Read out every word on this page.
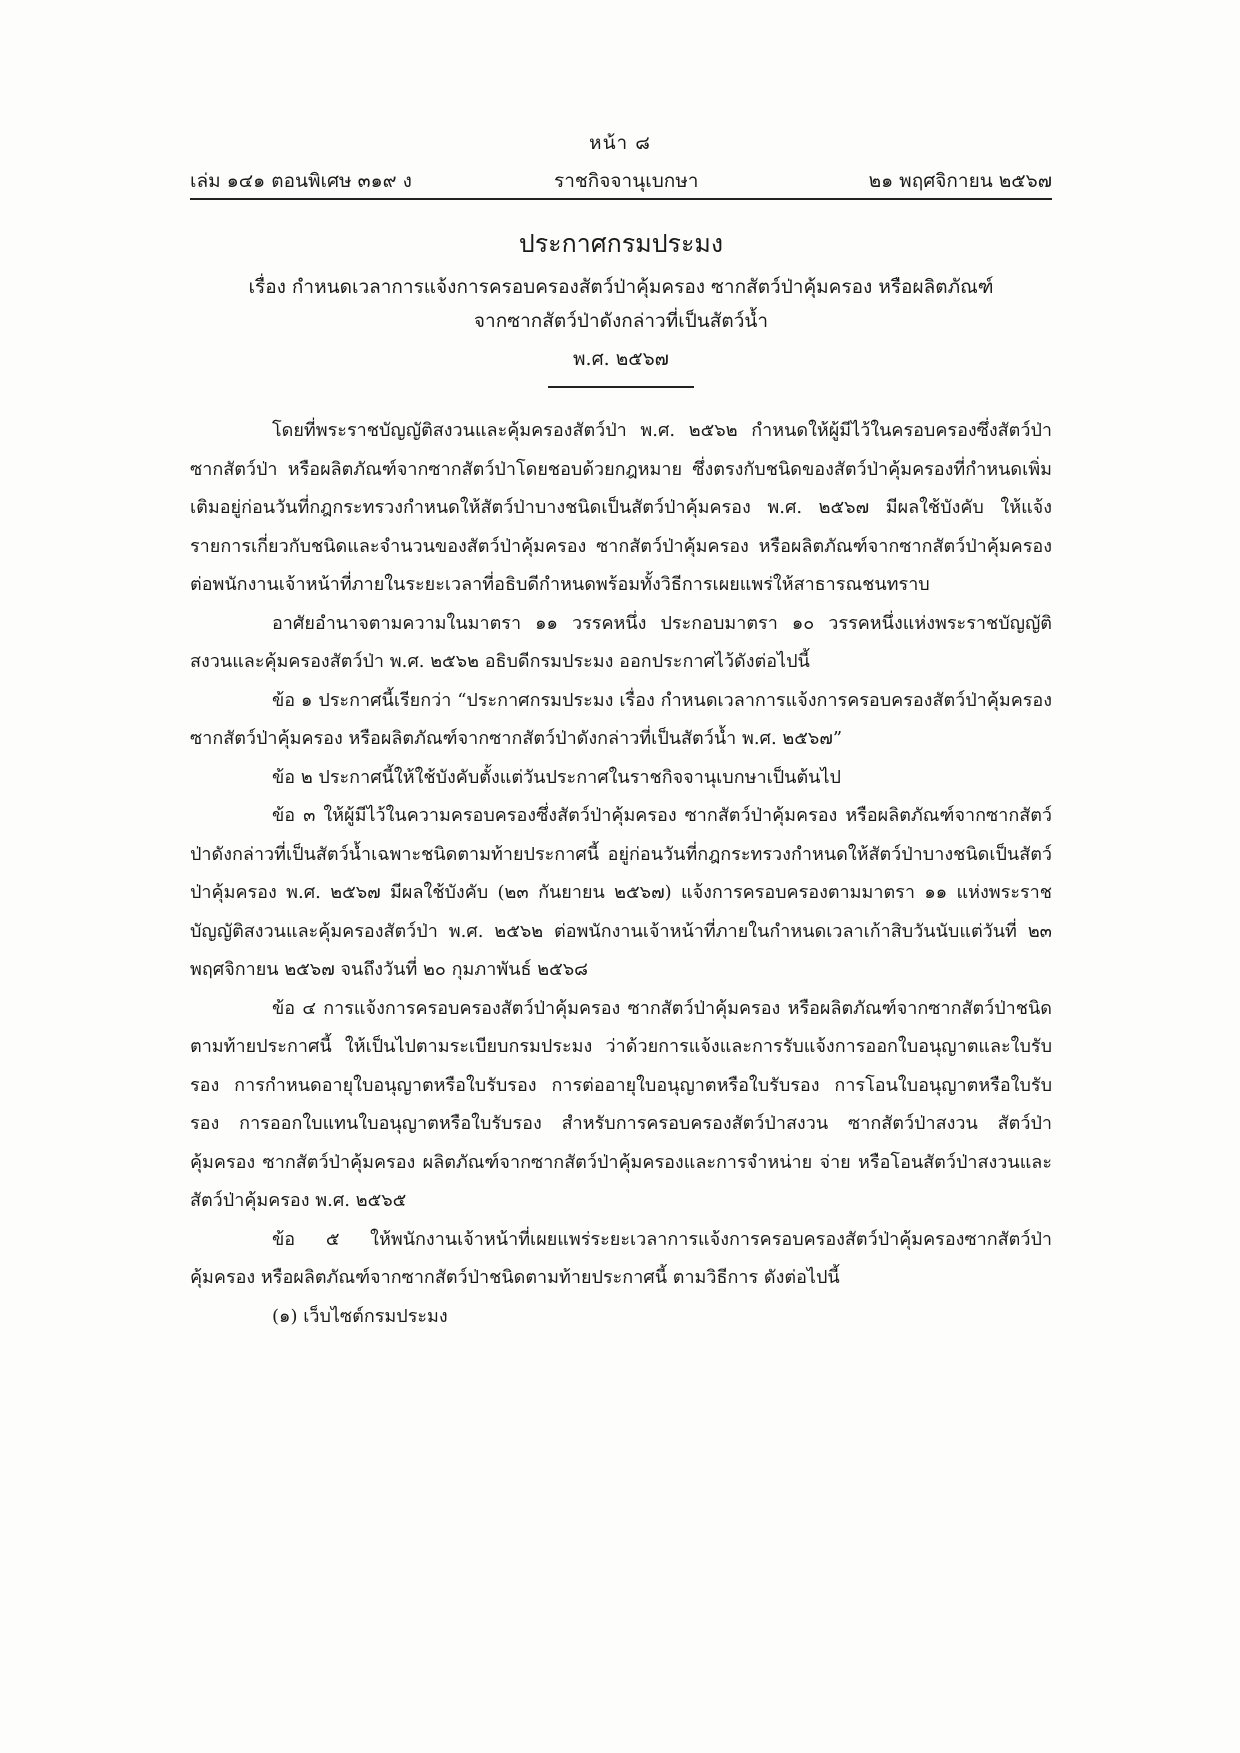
หน้า ๘
เล่ม ๑๔๑ ตอนพิเศษ ๓๑๙ ง	ราชกิจจานุเบกษา	๒๑ พฤศจิกายน ๒๕๖๗
ประกาศกรมประมง
เรื่อง กำหนดเวลาการแจ้งการครอบครองสัตว์ป่าคุ้มครอง ซากสัตว์ป่าคุ้มครอง หรือผลิตภัณฑ์
จากซากสัตว์ป่าดังกล่าวที่เป็นสัตว์น้ำ
พ.ศ. ๒๕๖๗

โดยที่พระราชบัญญัติสงวนและคุ้มครองสัตว์ป่า พ.ศ. ๒๕๖๒ กำหนดให้ผู้มีไว้ในครอบครองซึ่งสัตว์ป่า ซากสัตว์ป่า หรือผลิตภัณฑ์จากซากสัตว์ป่าโดยชอบด้วยกฎหมาย ซึ่งตรงกับชนิดของสัตว์ป่าคุ้มครองที่กำหนดเพิ่มเติมอยู่ก่อนวันที่กฎกระทรวงกำหนดให้สัตว์ป่าบางชนิดเป็นสัตว์ป่าคุ้มครอง พ.ศ. ๒๕๖๗ มีผลใช้บังคับ ให้แจ้งรายการเกี่ยวกับชนิดและจำนวนของสัตว์ป่าคุ้มครอง ซากสัตว์ป่าคุ้มครอง หรือผลิตภัณฑ์จากซากสัตว์ป่าคุ้มครองต่อพนักงานเจ้าหน้าที่ภายในระยะเวลาที่อธิบดีกำหนดพร้อมทั้งวิธีการเผยแพร่ให้สาธารณชนทราบ

อาศัยอำนาจตามความในมาตรา ๑๑ วรรคหนึ่ง ประกอบมาตรา ๑๐ วรรคหนึ่งแห่งพระราชบัญญัติสงวนและคุ้มครองสัตว์ป่า พ.ศ. ๒๕๖๒ อธิบดีกรมประมง ออกประกาศไว้ดังต่อไปนี้

ข้อ ๑ ประกาศนี้เรียกว่า “ประกาศกรมประมง เรื่อง กำหนดเวลาการแจ้งการครอบครองสัตว์ป่าคุ้มครอง ซากสัตว์ป่าคุ้มครอง หรือผลิตภัณฑ์จากซากสัตว์ป่าดังกล่าวที่เป็นสัตว์น้ำ พ.ศ. ๒๕๖๗”

ข้อ ๒ ประกาศนี้ให้ใช้บังคับตั้งแต่วันประกาศในราชกิจจานุเบกษาเป็นต้นไป

ข้อ ๓ ให้ผู้มีไว้ในความครอบครองซึ่งสัตว์ป่าคุ้มครอง ซากสัตว์ป่าคุ้มครอง หรือผลิตภัณฑ์จากซากสัตว์ป่าดังกล่าวที่เป็นสัตว์น้ำเฉพาะชนิดตามท้ายประกาศนี้ อยู่ก่อนวันที่กฎกระทรวงกำหนดให้สัตว์ป่าบางชนิดเป็นสัตว์ป่าคุ้มครอง พ.ศ. ๒๕๖๗ มีผลใช้บังคับ (๒๓ กันยายน ๒๕๖๗) แจ้งการครอบครองตามมาตรา ๑๑ แห่งพระราชบัญญัติสงวนและคุ้มครองสัตว์ป่า พ.ศ. ๒๕๖๒ ต่อพนักงานเจ้าหน้าที่ภายในกำหนดเวลาเก้าสิบวันนับแต่วันที่ ๒๓ พฤศจิกายน ๒๕๖๗ จนถึงวันที่ ๒๐ กุมภาพันธ์ ๒๕๖๘

ข้อ ๔ การแจ้งการครอบครองสัตว์ป่าคุ้มครอง ซากสัตว์ป่าคุ้มครอง หรือผลิตภัณฑ์จากซากสัตว์ป่าชนิดตามท้ายประกาศนี้ ให้เป็นไปตามระเบียบกรมประมง ว่าด้วยการแจ้งและการรับแจ้งการออกใบอนุญาตและใบรับรอง การกำหนดอายุใบอนุญาตหรือใบรับรอง การต่ออายุใบอนุญาตหรือใบรับรอง การโอนใบอนุญาตหรือใบรับรอง การออกใบแทนใบอนุญาตหรือใบรับรอง สำหรับการครอบครองสัตว์ป่าสงวน ซากสัตว์ป่าสงวน สัตว์ป่าคุ้มครอง ซากสัตว์ป่าคุ้มครอง ผลิตภัณฑ์จากซากสัตว์ป่าคุ้มครองและการจำหน่าย จ่าย หรือโอนสัตว์ป่าสงวนและสัตว์ป่าคุ้มครอง พ.ศ. ๒๕๖๕

ข้อ ๕ ให้พนักงานเจ้าหน้าที่เผยแพร่ระยะเวลาการแจ้งการครอบครองสัตว์ป่าคุ้มครองซากสัตว์ป่าคุ้มครอง หรือผลิตภัณฑ์จากซากสัตว์ป่าชนิดตามท้ายประกาศนี้ ตามวิธีการ ดังต่อไปนี้

(๑) เว็บไซต์กรมประมง
